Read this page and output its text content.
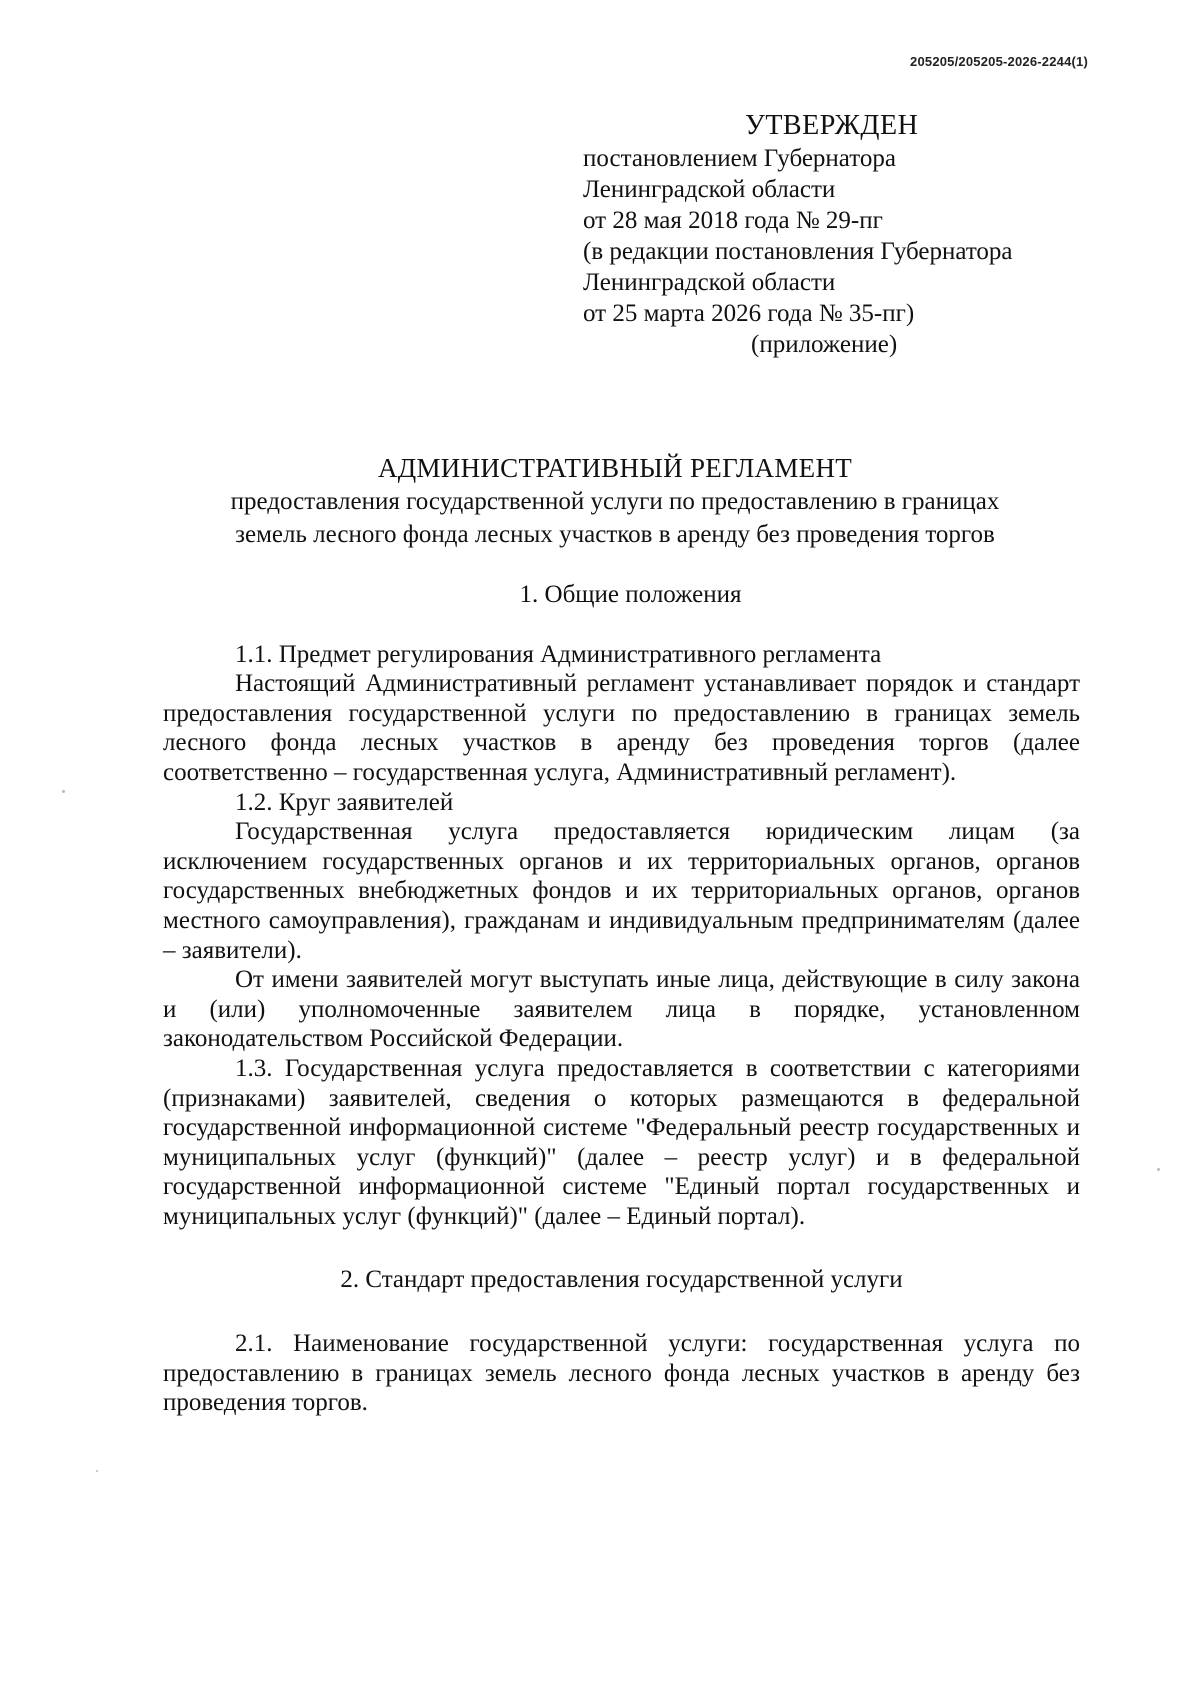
205205/205205-2026-2244(1)
УТВЕРЖДЕН
постановлением Губернатора
Ленинградской области
от 28 мая 2018 года № 29-пг
(в редакции постановления Губернатора
Ленинградской области
от 25 марта 2026 года № 35-пг)
(приложение)
АДМИНИСТРАТИВНЫЙ РЕГЛАМЕНТ
предоставления государственной услуги по предоставлению в границах
земель лесного фонда лесных участков в аренду без проведения торгов
1. Общие положения

1.1. Предмет регулирования Административного регламента

Настоящий Административный регламент устанавливает порядок и стандарт предоставления государственной услуги по предоставлению в границах земель лесного фонда лесных участков в аренду без проведения торгов (далее соответственно – государственная услуга, Административный регламент).

1.2. Круг заявителей

Государственная услуга предоставляется юридическим лицам (за исключением государственных органов и их территориальных органов, органов государственных внебюджетных фондов и их территориальных органов, органов местного самоуправления), гражданам и индивидуальным предпринимателям (далее – заявители).

От имени заявителей могут выступать иные лица, действующие в силу закона и (или) уполномоченные заявителем лица в порядке, установленном законодательством Российской Федерации.

1.3. Государственная услуга предоставляется в соответствии с категориями (признаками) заявителей, сведения о которых размещаются в федеральной государственной информационной системе "Федеральный реестр государственных и муниципальных услуг (функций)" (далее – реестр услуг) и в федеральной государственной информационной системе "Единый портал государственных и муниципальных услуг (функций)" (далее – Единый портал).

2. Стандарт предоставления государственной услуги

2.1. Наименование государственной услуги: государственная услуга по предоставлению в границах земель лесного фонда лесных участков в аренду без проведения торгов.
